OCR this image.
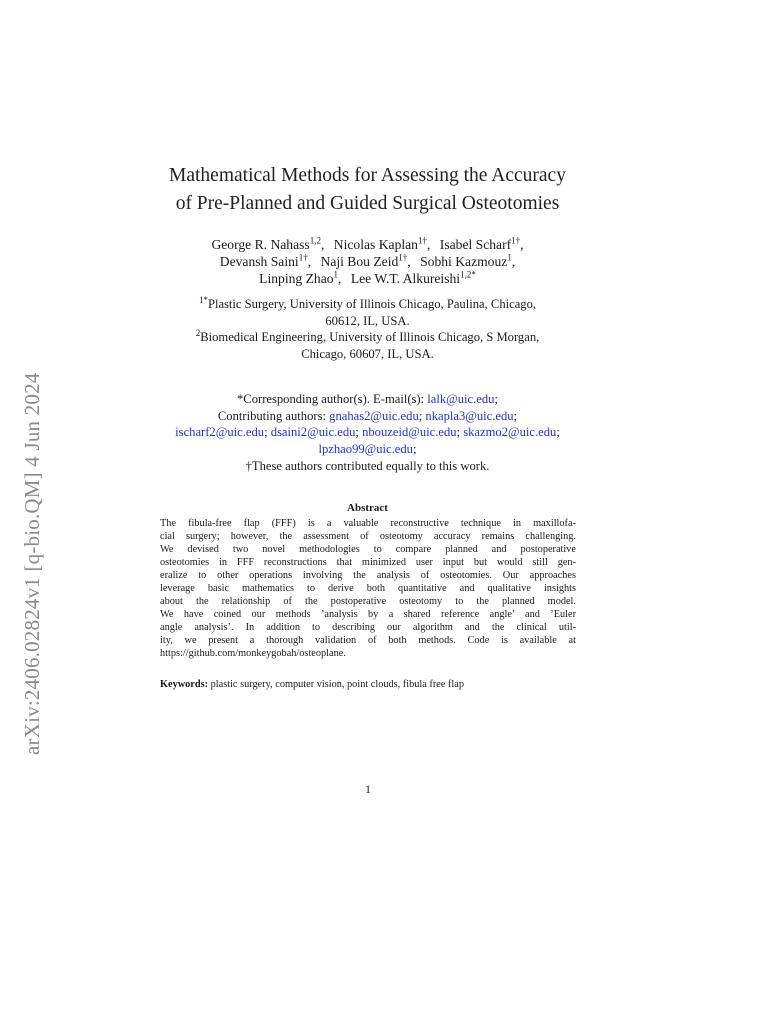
arXiv:2406.02824v1 [q-bio.QM] 4 Jun 2024
Mathematical Methods for Assessing the Accuracy
of Pre-Planned and Guided Surgical Osteotomies
George R. Nahass$^{1,2}$, Nicolas Kaplan$^{1\dagger}$, Isabel Scharf$^{1\dagger}$,
Devansh Saini$^{1\dagger}$, Naji Bou Zeid$^{1\dagger}$, Sobhi Kazmouz$^1$,
Linping Zhao$^1$, Lee W.T. Alkureishi$^{1,2*}$
$^{1*}$Plastic Surgery, University of Illinois Chicago, Paulina, Chicago,
60612, IL, USA.
$^2$Biomedical Engineering, University of Illinois Chicago, S Morgan,
Chicago, 60607, IL, USA.
*Corresponding author(s). E-mail(s): lalk@uic.edu;
Contributing authors: gnahas2@uic.edu; nkapla3@uic.edu;
ischarf2@uic.edu; dsaini2@uic.edu; nbouzeid@uic.edu; skazmo2@uic.edu;
lpzhao99@uic.edu;
†These authors contributed equally to this work.
Abstract
The fibula-free flap (FFF) is a valuable reconstructive technique in maxillofa-
cial surgery; however, the assessment of osteotomy accuracy remains challenging.
We devised two novel methodologies to compare planned and postoperative
osteotomies in FFF reconstructions that minimized user input but would still gen-
eralize to other operations involving the analysis of osteotomies. Our approaches
leverage basic mathematics to derive both quantitative and qualitative insights
about the relationship of the postoperative osteotomy to the planned model.
We have coined our methods ’analysis by a shared reference angle’ and ’Euler
angle analysis’. In addition to describing our algorithm and the clinical util-
ity, we present a thorough validation of both methods. Code is available at
https://github.com/monkeygobah/osteoplane.
Keywords: plastic surgery, computer vision, point clouds, fibula free flap
1
